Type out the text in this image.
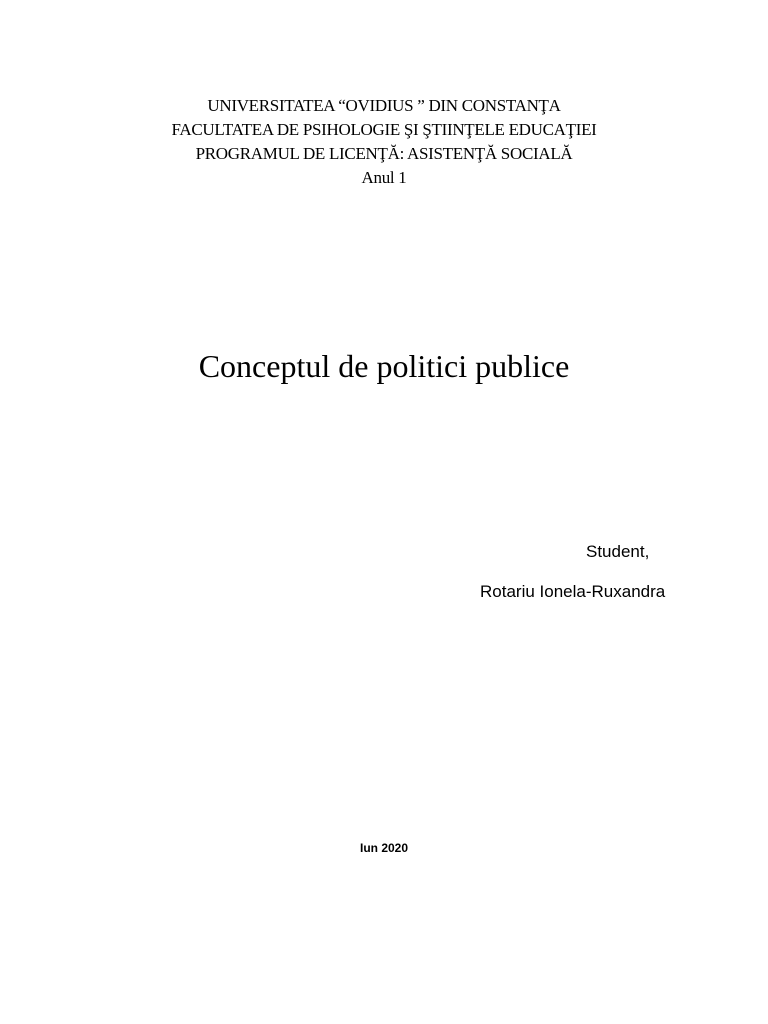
UNIVERSITATEA “OVIDIUS ” DIN CONSTANŢA
FACULTATEA DE PSIHOLOGIE ŞI ŞTIINŢELE EDUCAŢIEI
PROGRAMUL DE LICENŢĂ: ASISTENŢĂ SOCIALĂ
Anul 1
Conceptul de politici publice
Student,
Rotariu Ionela-Ruxandra
Iun 2020
